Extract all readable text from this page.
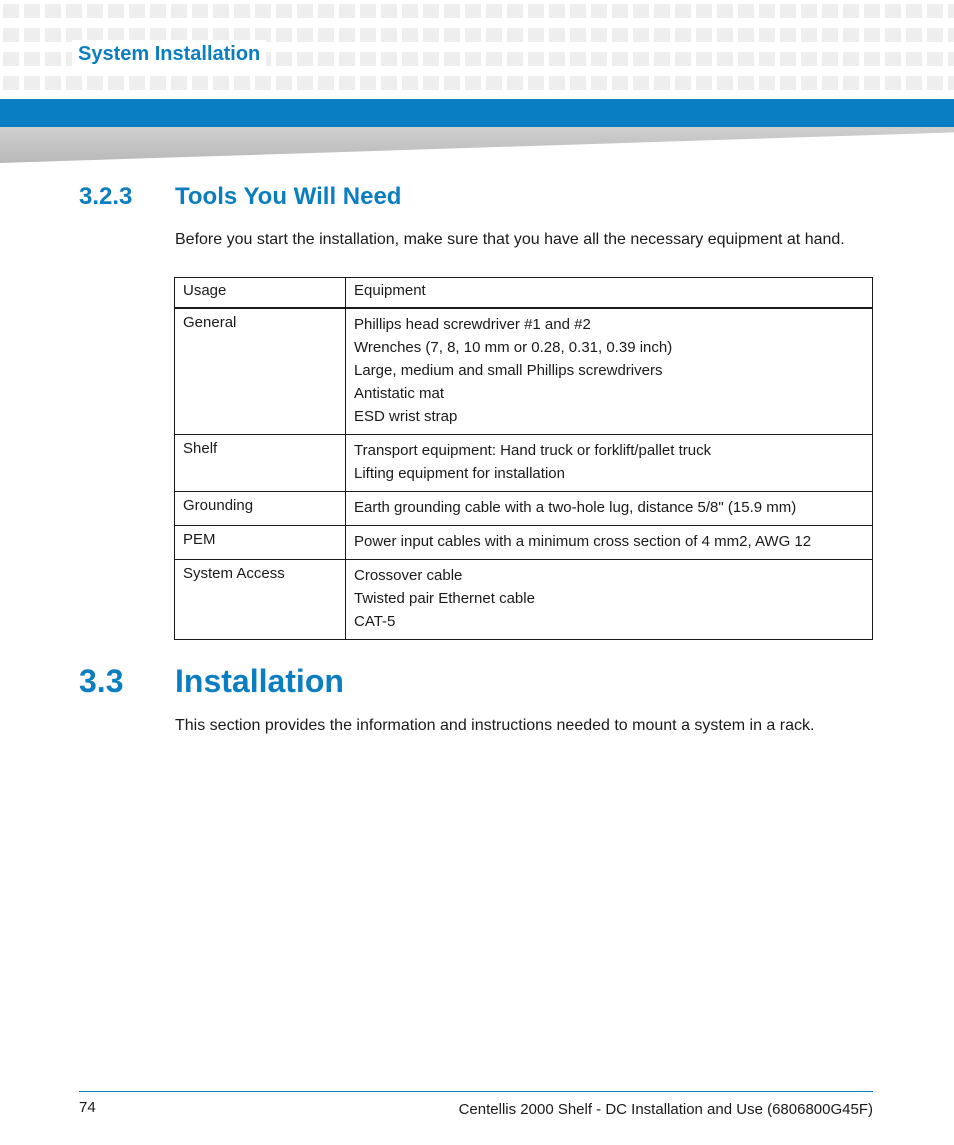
System Installation
3.2.3 Tools You Will Need
Before you start the installation, make sure that you have all the necessary equipment at hand.
Usage	Equipment
General	Phillips head screwdriver #1 and #2
Wrenches (7, 8, 10 mm or 0.28, 0.31, 0.39 inch)
Large, medium and small Phillips screwdrivers
Antistatic mat
ESD wrist strap

Shelf	Transport equipment: Hand truck or forklift/pallet truck
Lifting equipment for installation

Grounding	Earth grounding cable with a two-hole lug, distance 5/8" (15.9 mm)

PEM	Power input cables with a minimum cross section of 4 mm2, AWG 12

System Access	Crossover cable
Twisted pair Ethernet cable
CAT-5
3.3 Installation
This section provides the information and instructions needed to mount a system in a rack.
74	Centellis 2000 Shelf - DC Installation and Use (6806800G45F)
